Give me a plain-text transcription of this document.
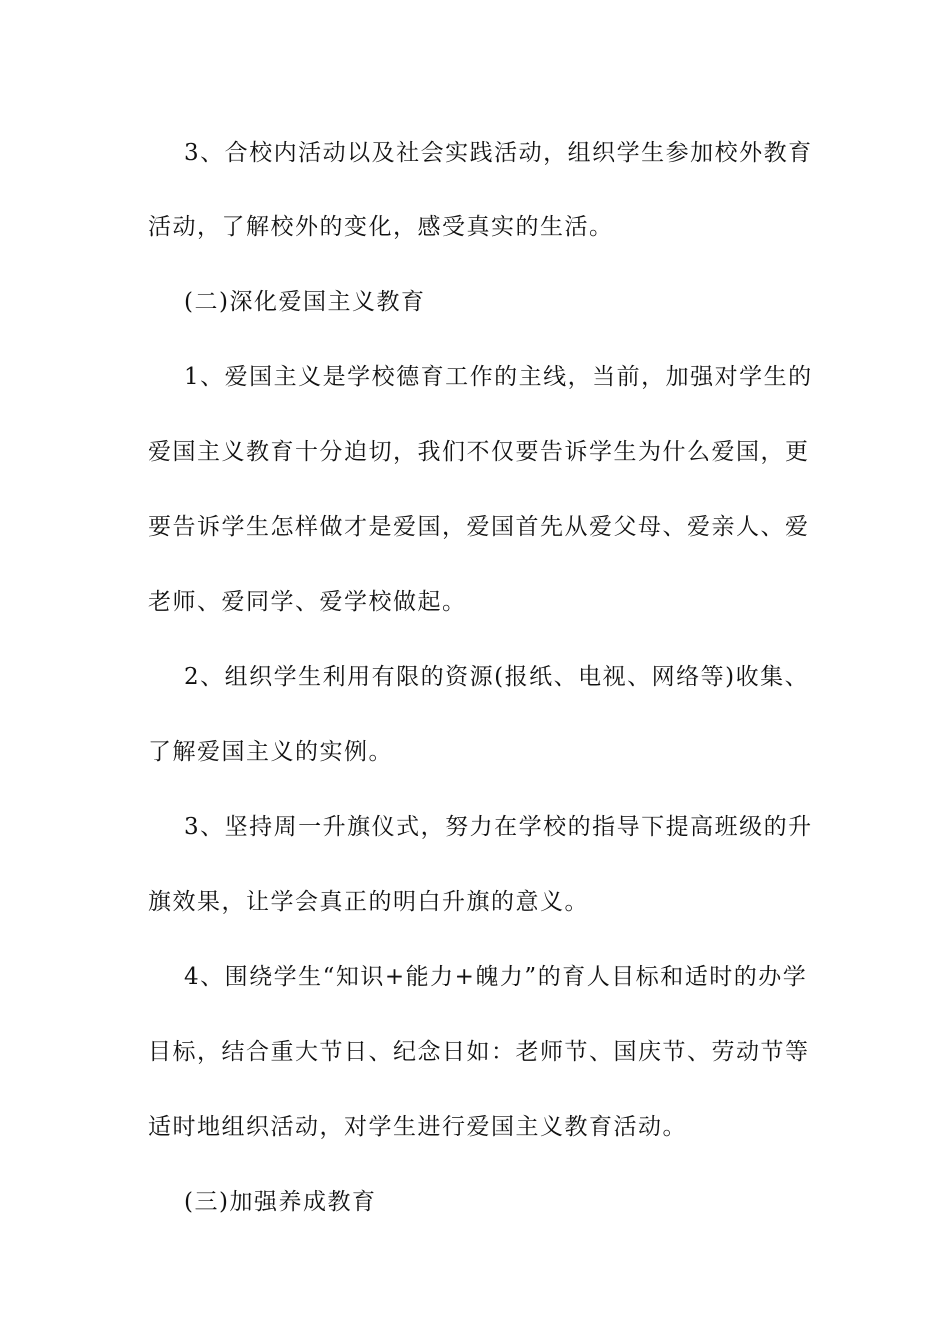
3、合校内活动以及社会实践活动，组织学生参加校外教育
活动，了解校外的变化，感受真实的生活。
(二)深化爱国主义教育
1、爱国主义是学校德育工作的主线，当前，加强对学生的
爱国主义教育十分迫切，我们不仅要告诉学生为什么爱国，更
要告诉学生怎样做才是爱国，爱国首先从爱父母、爱亲人、爱
老师、爱同学、爱学校做起。
2、组织学生利用有限的资源(报纸、电视、网络等)收集、
了解爱国主义的实例。
3、坚持周一升旗仪式，努力在学校的指导下提高班级的升
旗效果，让学会真正的明白升旗的意义。
4、围绕学生“知识+能力+魄力”的育人目标和适时的办学
目标，结合重大节日、纪念日如：老师节、国庆节、劳动节等
适时地组织活动，对学生进行爱国主义教育活动。
(三)加强养成教育
